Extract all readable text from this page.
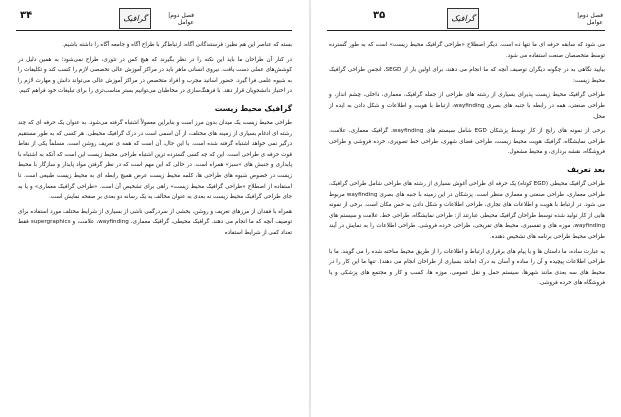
۳۴	گرافیک	فصل دوم| عوامل

بسته که عناصر این هم نظیر: فرستندگانی آگاه، ارتباط‌گر با طراح آگاه و جامعه آگاه را داشته باشیم.

در کنار آن طراحان ما باید این نکته را در نظر بگیرند که هیچ کس در تئوری، طراح نمی‌شود؛ به همین دلیل در کوشش‌های عملی دست یافت. نیروی انسانی ماهر باید در مراکز آموزش عالی تخصصی لازم را کسب کند و تکلیفات را به شیوه علمی فرا گیرد. حضور اساتید مجرب و افراد متخصص در مراکز آموزش عالی می‌تواند دانش و مهارت لازم را در اختیار دانشجویان قرار دهد. با فرهنگ‌سازی در مخاطبان می‌توانیم بستر مناسب‌تری را برای تبلیغات خود فراهم کنیم.

گرافیک محیط زیست

طراحی محیط زیست یک میدان بدون مرز است و بنابراین معمولاً اشتباه گرفته می‌شود. به عنوان یک حرفه ای که چند رشته ای ادغام بسیاری از زمینه های مختلف، از آن اسمی است در درک گرافیک محیطی. هر کسی که به طور مستقیم درگیر نمی خواهد اشتباه گرفته شده است. با این حال، آن است که همه ی تعریف روشن است. مسلماً یکی از نقاط قوت حرفه ی طراحی است. این که چه کسی گسترده ترین اشتباه طراحی محیط زیست این است که آنکه به اشتباه با پایداری و جنبش های «سبز» همراه است. در حالی که این مهم است که در نظر گرفتن مواد پایدار و سازگار با محیط زیست در خصوص شیوه های طراحی ها، کلمه محیط زیست عرض همیچ رابطه ای به محیط زیست طبیعی است. تا استفاده از اصطلاح «طراحی گرافیک محیط زیست» راهی برای تشخیص آن است. «طراحی گرافیک معماری» و یا به جای طراحی گرافیک محیط زیست نه بعدی به عنوان مخالف به یک رسانه دو بعدی بر صفحه نمایش است.

همراه با فقدان از مرزهای تعریف و روشن، بخشی از سردرگمی ناشی از بسیاری از شرایط مختلف مورد استفاده برای توصیف آنچه که ما انجام می دهند. گرافیک محیطی، گرافیک معماری، wayfinding، علامت، و supergraphics فقط تعداد کمی از شرایط استفاده

۳۵	گرافیک	فصل دوم| عوامل

می شود که سابقه حرفه ای ما تنها ده است. دیگر اصطلاح «طراحی گرافیک محیط زیست» است که به طور گسترده توسط متخصصان صنعت استفاده می شود.

بیایید نگاهی به در چگونه دیگران توصیف آنچه که ما انجام می دهند، برای اولین بار از SEGD، انجمن طراحی گرافیک محیط زیست:

طراحی گرافیک محیط زیست پذیرای بسیاری از رشته های طراحی از جمله گرافیک، معماری، داخلی، چشم انداز، و طراحی صنعتی، همه در رابطه با جنبه های بصری wayfinding، ارتباط با هویت و اطلاعات و شکل دادن به ایده از محل.

برخی از نمونه های رایج از کار توسط پزشکان EGD شامل سیستم های wayfinding، گرافیک معماری، علامت، طراحی نمایشگاه، گرافیک هویت محیط زیست، طراحی فضای شهری، طراحی خط تصویری، خرده فروشی و طراحی فروشگاه، نقشه برداری، و محیط مشغول.

بعد تعریف

طراحی گرافیک محیطی (EGD کوتاه) یک حرفه ای طراحی آغوش بسیاری از رشته های طراحی شامل طراحی گرافیک، طراحی معماری، طراحی صنعتی و معماری منظر است. پزشکان در این زمینه با جنبه های بصری wayfinding مربوط می شود. در ارتباط با هویت و اطلاعات های تجاری، طراحی اطلاعات و شکل دادن به حس مکان است. برخی از نمونه هایی از کار تولید شده توسط طراحان گرافیک محیطی عبارتند از: طراحی نمایشگاه، طراحی خط، علامت و سیستم های wayfinding، موزه های و تفسیری، محیط های تفریحی، طراحی خرده فروشی. طراحی اطلاعات را به نمایش در آیند طراحی محیط طراحی برنامه های تشخیص دهنده.

به عبارت ساده، ما داستان ها و یا پیام های برقراری ارتباط و اطلاعات را از طریق محیط ساخته شده را می گویند. ما با طراحی اطلاعات پیچیده و آن را ساده و آسان به درک (مانند بسیاری از طراحان انجام می دهند). تنها ما این کار را در محیط های سه بعدی مانند شهرها، سیستم حمل و نقل عمومی، موزه ها، کسب و کار و مجتمع های پزشکی و یا فروشگاه های خرده فروشی.
